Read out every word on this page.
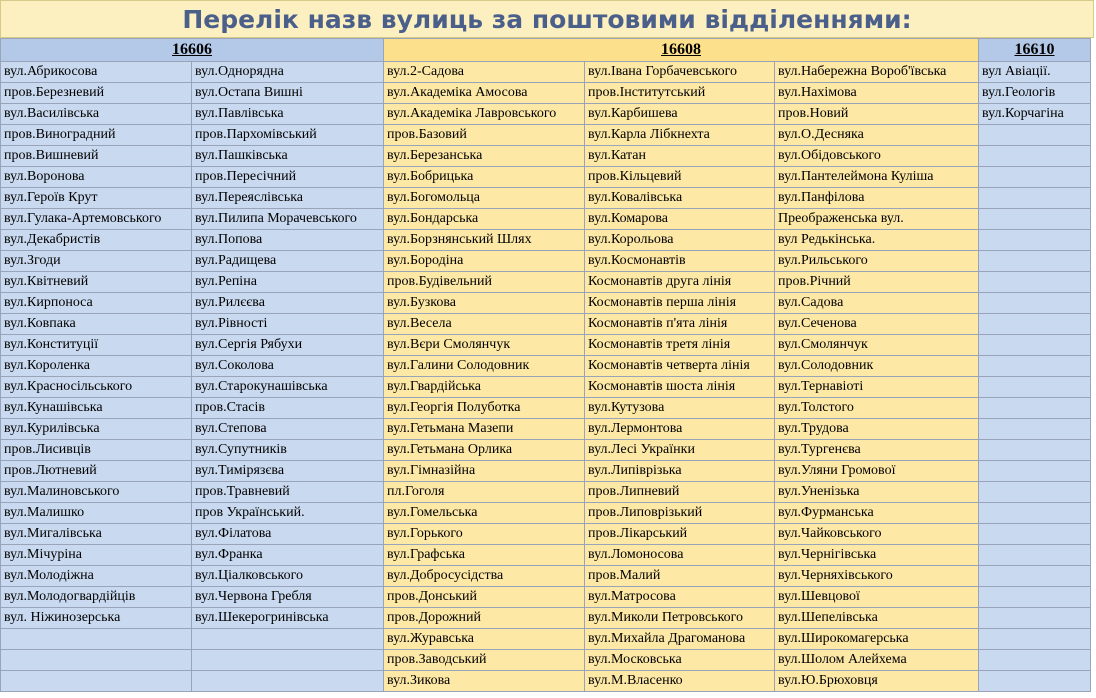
Перелік назв вулиць за поштовими відділеннями:
16606		16608			16610
вул.Абрикосова	вул.Однорядна	вул.2-Садова	вул.Івана Горбачевського	вул.Набережна Вороб'ївська	вул Авіації.
пров.Березневий	вул.Остапа Вишні	вул.Академіка Амосова	пров.Інститутський	вул.Нахімова	вул.Геологів
вул.Василівська	вул.Павлівська	вул.Академіка Лавровського	вул.Карбишева	пров.Новий	вул.Корчагіна
пров.Виноградний	пров.Пархомівський	пров.Базовий	вул.Карла Лібкнехта	вул.О.Десняка	
пров.Вишневий	вул.Пашківська	вул.Березанська	вул.Катан	вул.Обідовського	
вул.Воронова	пров.Пересічний	вул.Бобрицька	пров.Кільцевий	вул.Пантелеймона Куліша	
вул.Героїв Крут	вул.Переяслівська	вул.Богомольца	вул.Ковалівська	вул.Панфілова	
вул.Гулака-Артемовського	вул.Пилипа Морачевського	вул.Бондарська	вул.Комарова	Преображенська вул.	
вул.Декабристів	вул.Попова	вул.Борзнянський Шлях	вул.Корольова	вул Редькінська.	
вул.Згоди	вул.Радищева	вул.Бородіна	вул.Космонавтів	вул.Рильського	
вул.Квітневий	вул.Репіна	пров.Будівельний	Космонавтів друга лінія	пров.Річний	
вул.Кирпоноса	вул.Рилєєва	вул.Бузкова	Космонавтів перша лінія	вул.Садова	
вул.Ковпака	вул.Рівності	вул.Весела	Космонавтів п'ята лінія	вул.Сеченова	
вул.Конституції	вул.Сергія Рябухи	вул.Вєри Смолянчук	Космонавтів третя лінія	вул.Смолянчук	
вул.Короленка	вул.Соколова	вул.Галини Солодовник	Космонавтів четверта лінія	вул.Солодовник	
вул.Красносільського	вул.Старокунашівська	вул.Гвардійська	Космонавтів шоста лінія	вул.Тернавіоті	
вул.Кунашівська	пров.Стасів	вул.Георгія Полуботка	вул.Кутузова	вул.Толстого	
вул.Курилівська	вул.Степова	вул.Гетьмана Мазепи	вул.Лермонтова	вул.Трудова	
пров.Лисивців	вул.Супутників	вул.Гетьмана Орлика	вул.Лесі Українки	вул.Тургенєва	
пров.Лютневий	вул.Тимірязєва	вул.Гімназійна	вул.Липіврізька	вул.Уляни Громової	
вул.Малиновського	пров.Травневий	пл.Гоголя	пров.Липневий	вул.Уненізька	
вул.Малишко	пров Український.	вул.Гомельська	пров.Липоврізький	вул.Фурманська	
вул.Мигалівська	вул.Філатова	вул.Горького	пров.Лікарський	вул.Чайковського	
вул.Мічуріна	вул.Франка	вул.Графська	вул.Ломоносова	вул.Чернігівська	
вул.Молодіжна	вул.Ціалковського	вул.Добросусідства	пров.Малий	вул.Черняхівського	
вул.Молодогвардійців	вул.Червона Гребля	пров.Донський	вул.Матросова	вул.Шевцової	
вул. Ніжинозерська	вул.Шекерогринівська	пров.Дорожний	вул.Миколи Петровського	вул.Шепелівська	
		вул.Журавська	вул.Михайла Драгоманова	вул.Широкомагерська	
		пров.Заводський	вул.Московська	вул.Шолом Алейхема	
		вул.Зикова	вул.М.Власенко	вул.Ю.Брюховця	
